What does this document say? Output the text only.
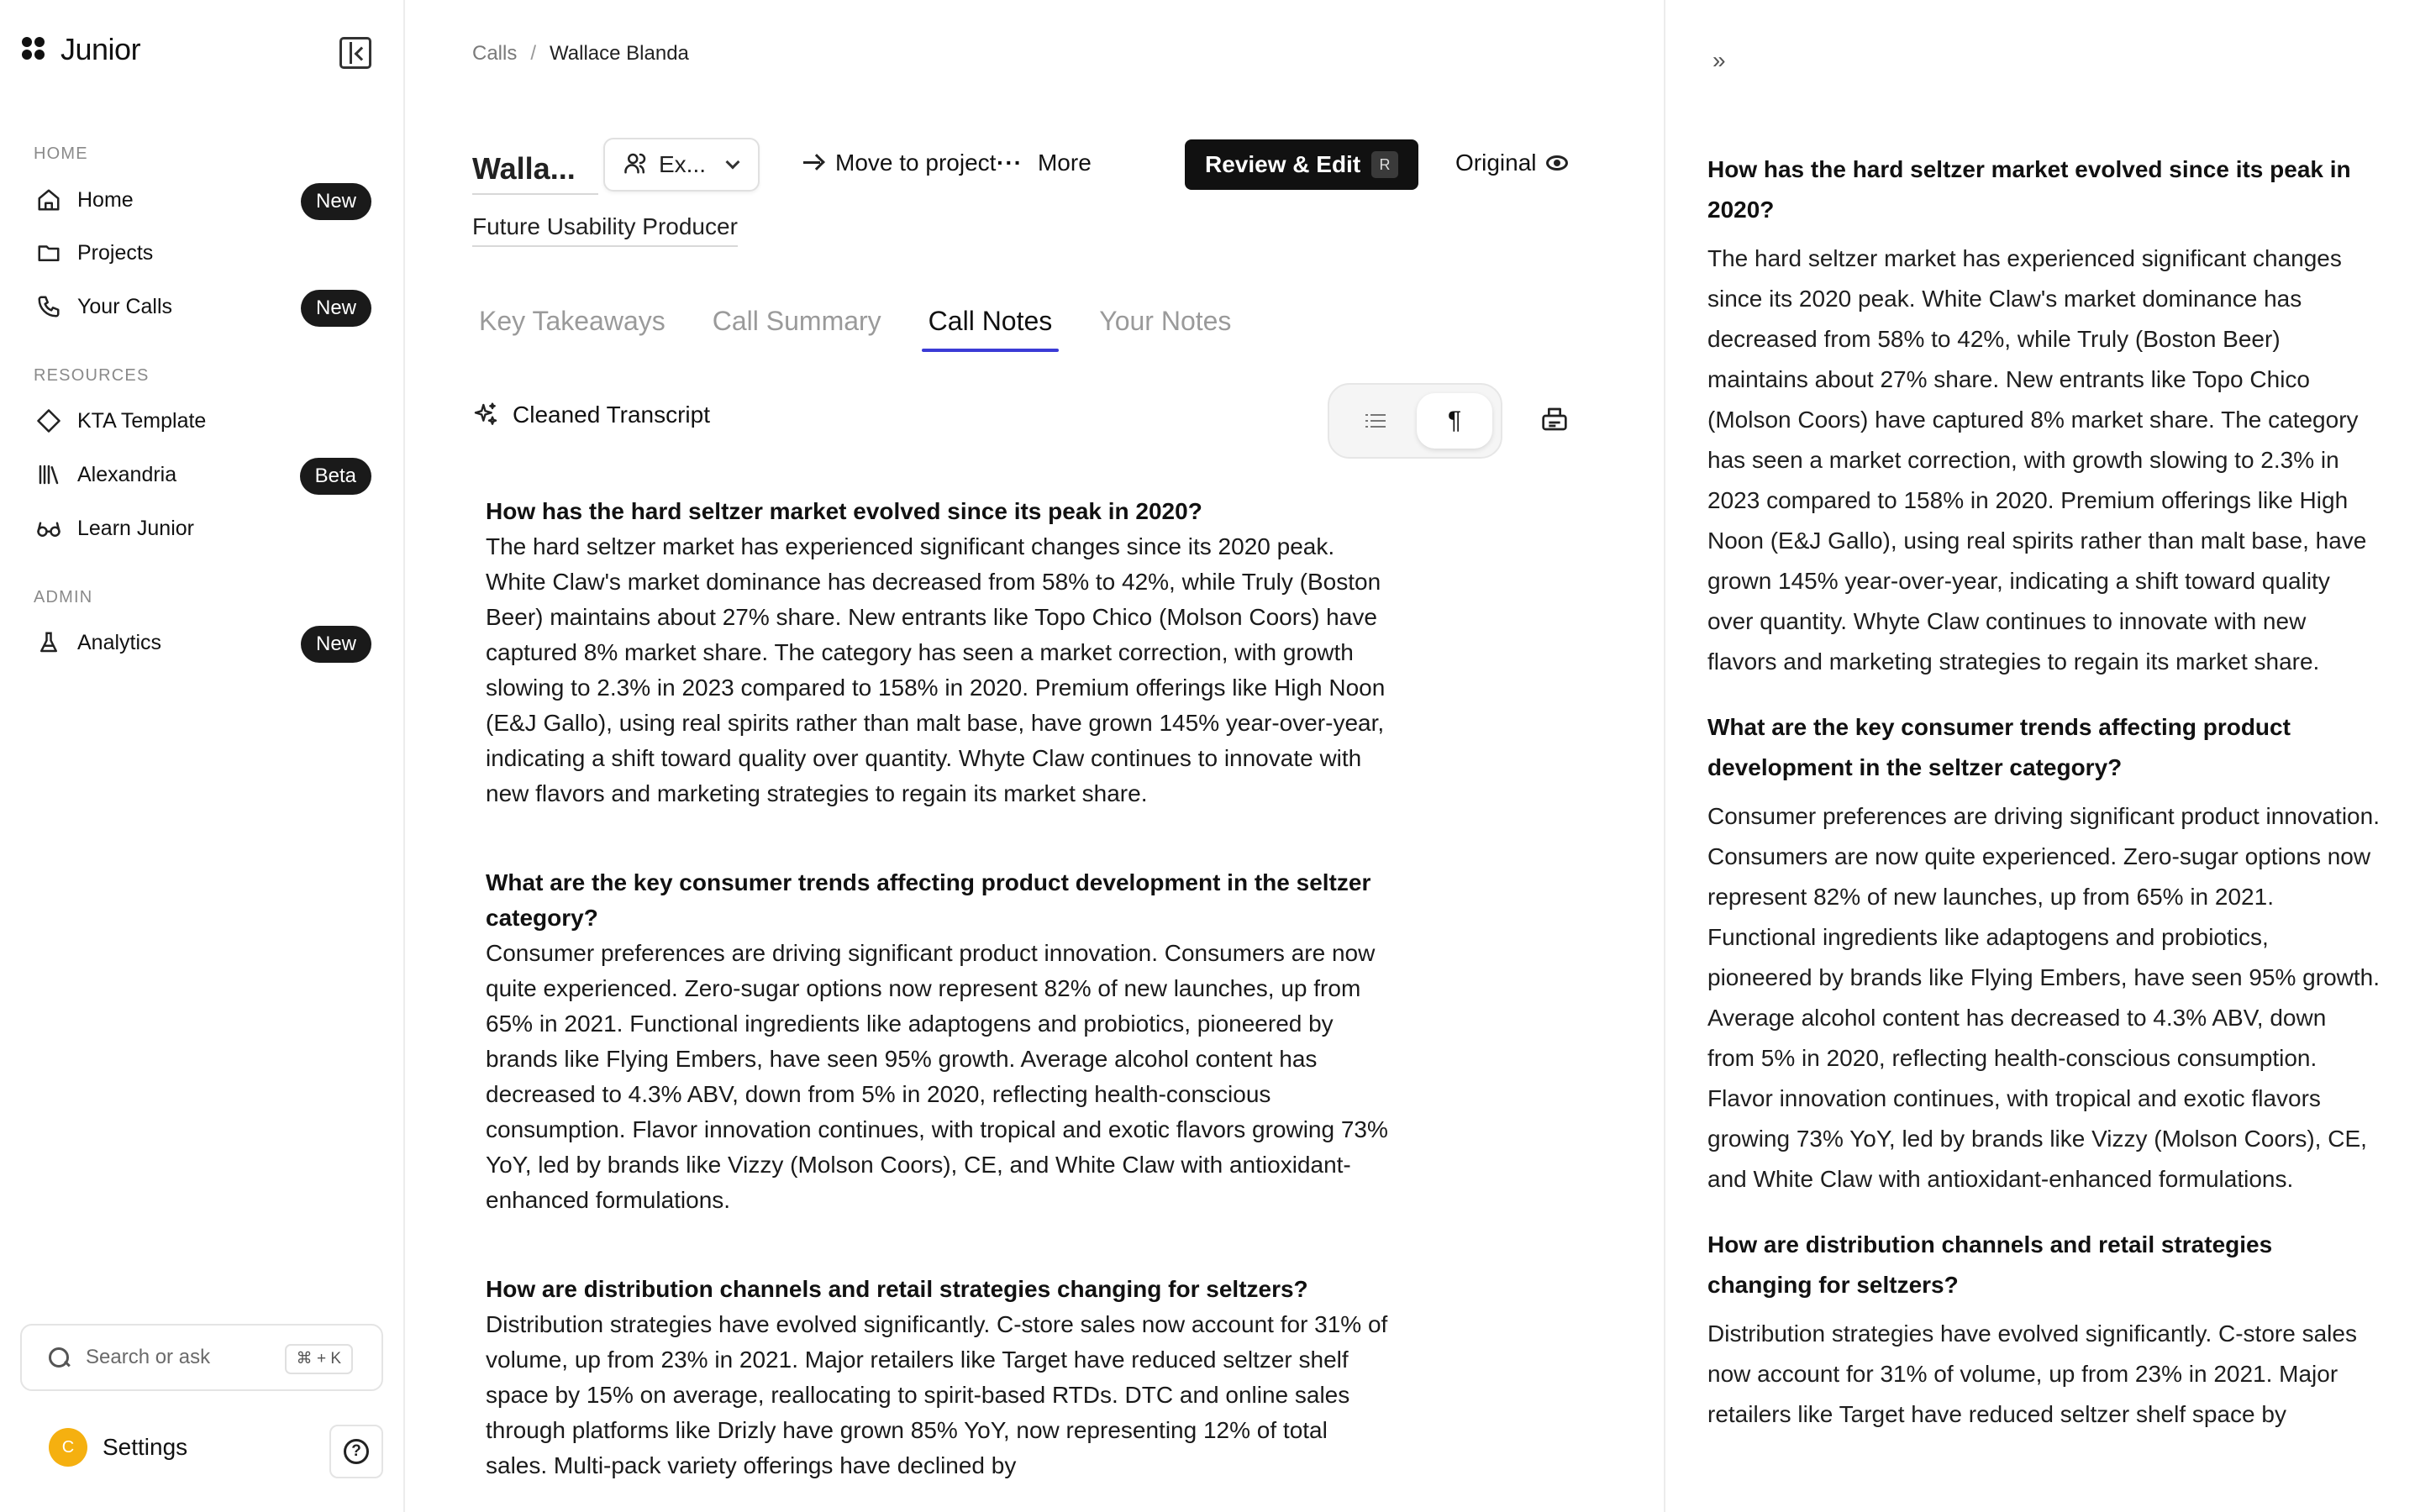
Junior
HOME
Home	New
Projects
Your Calls	New
RESOURCES
KTA Template
Alexandria	Beta
Learn Junior
ADMIN
Analytics	New
Search or ask	⌘ + K
C	Settings	?
Calls / Wallace Blanda
Walla...	Ex...	Move to project ··· More	Review & Edit	R	Original
Future Usability Producer
Key Takeaways Call Summary Call Notes Your Notes
Cleaned Transcript	¶
How has the hard seltzer market evolved since its peak in 2020?
The hard seltzer market has experienced significant changes since its 2020 peak. White Claw's market dominance has decreased from 58% to 42%, while Truly (Boston Beer) maintains about 27% share. New entrants like Topo Chico (Molson Coors) have captured 8% market share. The category has seen a market correction, with growth slowing to 2.3% in 2023 compared to 158% in 2020. Premium offerings like High Noon (E&J Gallo), using real spirits rather than malt base, have grown 145% year-over-year, indicating a shift toward quality over quantity. Whyte Claw continues to innovate with new flavors and marketing strategies to regain its market share.
What are the key consumer trends affecting product development in the seltzer category?
Consumer preferences are driving significant product innovation. Consumers are now quite experienced. Zero-sugar options now represent 82% of new launches, up from 65% in 2021. Functional ingredients like adaptogens and probiotics, pioneered by brands like Flying Embers, have seen 95% growth. Average alcohol content has decreased to 4.3% ABV, down from 5% in 2020, reflecting health-conscious consumption. Flavor innovation continues, with tropical and exotic flavors growing 73% YoY, led by brands like Vizzy (Molson Coors), CE, and White Claw with antioxidant-enhanced formulations.
How are distribution channels and retail strategies changing for seltzers?
Distribution strategies have evolved significantly. C-store sales now account for 31% of volume, up from 23% in 2021. Major retailers like Target have reduced seltzer shelf space by 15% on average, reallocating to spirit-based RTDs. DTC and online sales through platforms like Drizly have grown 85% YoY, now representing 12% of total sales. Multi-pack variety offerings have declined by
»
How has the hard seltzer market evolved since its peak in 2020?
The hard seltzer market has experienced significant changes since its 2020 peak. White Claw's market dominance has decreased from 58% to 42%, while Truly (Boston Beer) maintains about 27% share. New entrants like Topo Chico (Molson Coors) have captured 8% market share. The category has seen a market correction, with growth slowing to 2.3% in 2023 compared to 158% in 2020. Premium offerings like High Noon (E&J Gallo), using real spirits rather than malt base, have grown 145% year-over-year, indicating a shift toward quality over quantity. Whyte Claw continues to innovate with new flavors and marketing strategies to regain its market share.
What are the key consumer trends affecting product development in the seltzer category?
Consumer preferences are driving significant product innovation. Consumers are now quite experienced. Zero-sugar options now represent 82% of new launches, up from 65% in 2021. Functional ingredients like adaptogens and probiotics, pioneered by brands like Flying Embers, have seen 95% growth. Average alcohol content has decreased to 4.3% ABV, down from 5% in 2020, reflecting health-conscious consumption. Flavor innovation continues, with tropical and exotic flavors growing 73% YoY, led by brands like Vizzy (Molson Coors), CE, and White Claw with antioxidant-enhanced formulations.
How are distribution channels and retail strategies changing for seltzers?
Distribution strategies have evolved significantly. C-store sales now account for 31% of volume, up from 23% in 2021. Major retailers like Target have reduced seltzer shelf space by
